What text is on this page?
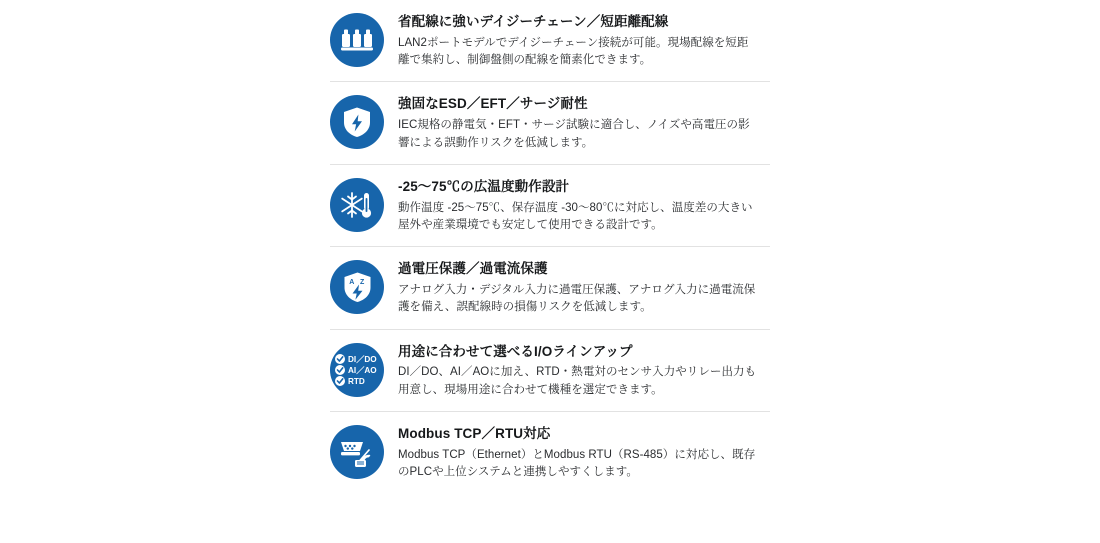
省配線に強いデイジーチェーン／短距離配線
LAN2ポートモデルでデイジーチェーン接続が可能。現場配線を短距離で集約し、制御盤側の配線を簡素化できます。
強固なESD／EFT／サージ耐性
IEC規格の静電気・EFT・サージ試験に適合し、ノイズや高電圧の影響による誤動作リスクを低減します。
-25〜75℃の広温度動作設計
動作温度 -25〜75℃、保存温度 -30〜80℃に対応し、温度差の大きい屋外や産業環境でも安定して使用できる設計です。
A Z
過電圧保護／過電流保護
アナログ入力・デジタル入力に過電圧保護、アナログ入力に過電流保護を備え、誤配線時の損傷リスクを低減します。
DI／DO
AI／AO
RTD
用途に合わせて選べるI/Oラインアップ
DI／DO、AI／AOに加え、RTD・熱電対のセンサ入力やリレー出力も用意し、現場用途に合わせて機種を選定できます。
Modbus TCP／RTU対応
Modbus TCP（Ethernet）とModbus RTU（RS-485）に対応し、既存のPLCや上位システムと連携しやすくします。
